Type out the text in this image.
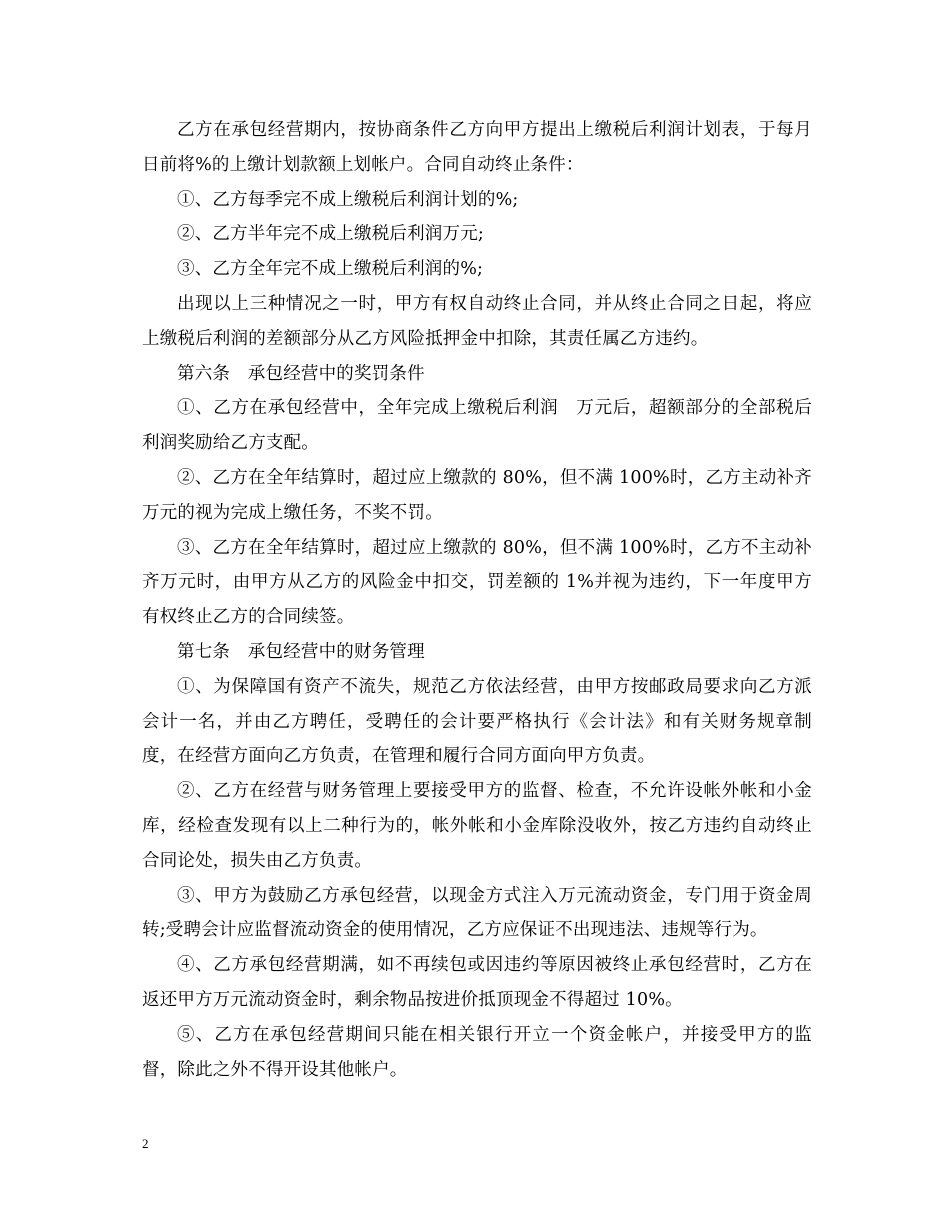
乙方在承包经营期内，按协商条件乙方向甲方提出上缴税后利润计划表，于每月日前将%的上缴计划款额上划帐户。合同自动终止条件：

①、乙方每季完不成上缴税后利润计划的%;

②、乙方半年完不成上缴税后利润万元;

③、乙方全年完不成上缴税后利润的%;

出现以上三种情况之一时，甲方有权自动终止合同，并从终止合同之日起，将应上缴税后利润的差额部分从乙方风险抵押金中扣除，其责任属乙方违约。

第六条　承包经营中的奖罚条件

①、乙方在承包经营中，全年完成上缴税后利润　万元后，超额部分的全部税后利润奖励给乙方支配。

②、乙方在全年结算时，超过应上缴款的 80%，但不满 100%时，乙方主动补齐万元的视为完成上缴任务，不奖不罚。

③、乙方在全年结算时，超过应上缴款的 80%，但不满 100%时，乙方不主动补齐万元时，由甲方从乙方的风险金中扣交，罚差额的 1%并视为违约，下一年度甲方有权终止乙方的合同续签。

第七条　承包经营中的财务管理

①、为保障国有资产不流失，规范乙方依法经营，由甲方按邮政局要求向乙方派会计一名，并由乙方聘任，受聘任的会计要严格执行《会计法》和有关财务规章制度，在经营方面向乙方负责，在管理和履行合同方面向甲方负责。

②、乙方在经营与财务管理上要接受甲方的监督、检查，不允许设帐外帐和小金库，经检查发现有以上二种行为的，帐外帐和小金库除没收外，按乙方违约自动终止合同论处，损失由乙方负责。

③、甲方为鼓励乙方承包经营，以现金方式注入万元流动资金，专门用于资金周转;受聘会计应监督流动资金的使用情况，乙方应保证不出现违法、违规等行为。

④、乙方承包经营期满，如不再续包或因违约等原因被终止承包经营时，乙方在返还甲方万元流动资金时，剩余物品按进价抵顶现金不得超过 10%。

⑤、乙方在承包经营期间只能在相关银行开立一个资金帐户，并接受甲方的监督，除此之外不得开设其他帐户。

2
